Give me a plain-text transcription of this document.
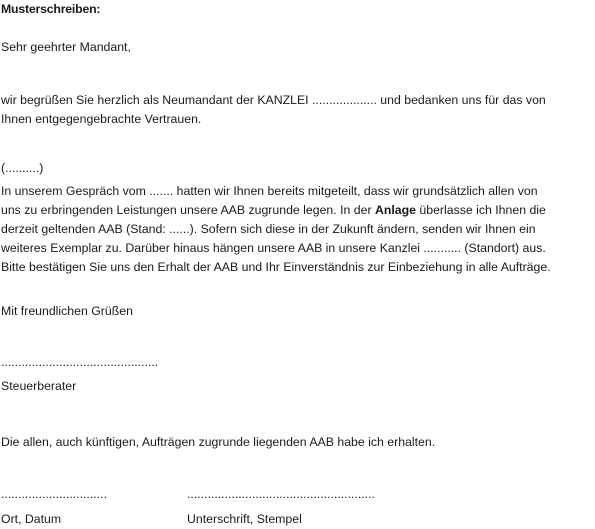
Musterschreiben:
Sehr geehrter Mandant,
wir begrüßen Sie herzlich als Neumandant der KANZLEI ................... und bedanken uns für das von
Ihnen entgegengebrachte Vertrauen.
(..........)
In unserem Gespräch vom ....... hatten wir Ihnen bereits mitgeteilt, dass wir grundsätzlich allen von
uns zu erbringenden Leistungen unsere AAB zugrunde legen. In der Anlage überlasse ich Ihnen die
derzeit geltenden AAB (Stand: ......). Sofern sich diese in der Zukunft ändern, senden wir Ihnen ein
weiteres Exemplar zu. Darüber hinaus hängen unsere AAB in unsere Kanzlei ........... (Standort) aus.
Bitte bestätigen Sie uns den Erhalt der AAB und Ihr Einverständnis zur Einbeziehung in alle Aufträge.
Mit freundlichen Grüßen
..............................................
Steuerberater
Die allen, auch künftigen, Aufträgen zugrunde liegenden AAB habe ich erhalten.
...............................	.......................................................
Ort, Datum	Unterschrift, Stempel
